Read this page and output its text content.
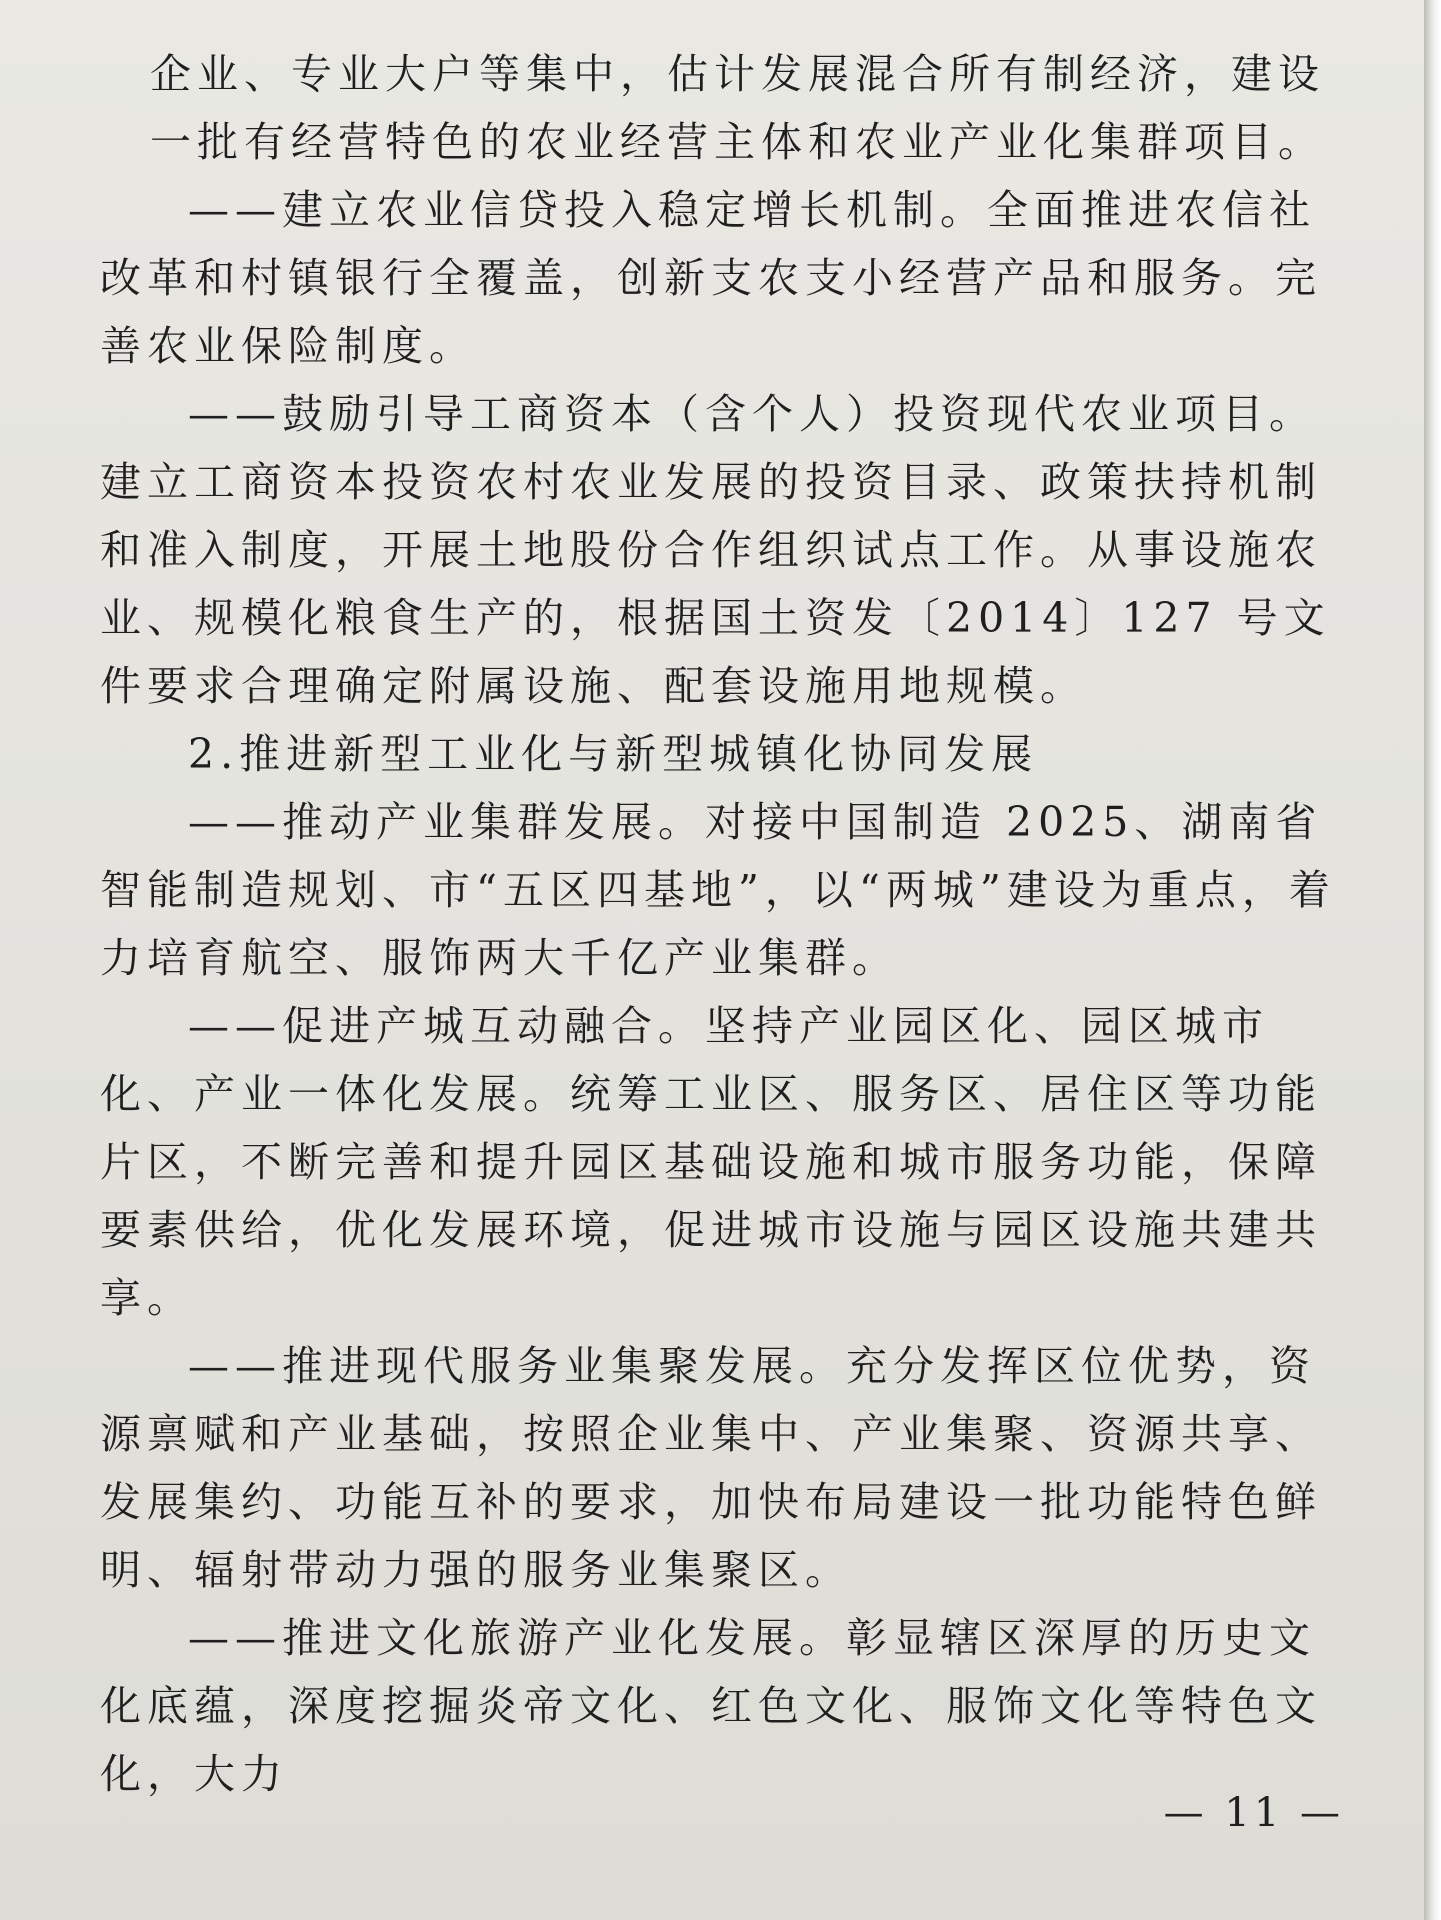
企业、专业大户等集中，估计发展混合所有制经济，建设一批有经营特色的农业经营主体和农业产业化集群项目。

——建立农业信贷投入稳定增长机制。全面推进农信社改革和村镇银行全覆盖，创新支农支小经营产品和服务。完善农业保险制度。

——鼓励引导工商资本（含个人）投资现代农业项目。建立工商资本投资农村农业发展的投资目录、政策扶持机制和准入制度，开展土地股份合作组织试点工作。从事设施农业、规模化粮食生产的，根据国土资发〔2014〕127 号文件要求合理确定附属设施、配套设施用地规模。

2.推进新型工业化与新型城镇化协同发展

——推动产业集群发展。对接中国制造 2025、湖南省智能制造规划、市“五区四基地”，以“两城”建设为重点，着力培育航空、服饰两大千亿产业集群。

——促进产城互动融合。坚持产业园区化、园区城市化、产业一体化发展。统筹工业区、服务区、居住区等功能片区，不断完善和提升园区基础设施和城市服务功能，保障要素供给，优化发展环境，促进城市设施与园区设施共建共享。

——推进现代服务业集聚发展。充分发挥区位优势，资源禀赋和产业基础，按照企业集中、产业集聚、资源共享、发展集约、功能互补的要求，加快布局建设一批功能特色鲜明、辐射带动力强的服务业集聚区。

——推进文化旅游产业化发展。彰显辖区深厚的历史文化底蕴，深度挖掘炎帝文化、红色文化、服饰文化等特色文化，大力

— 11 —
